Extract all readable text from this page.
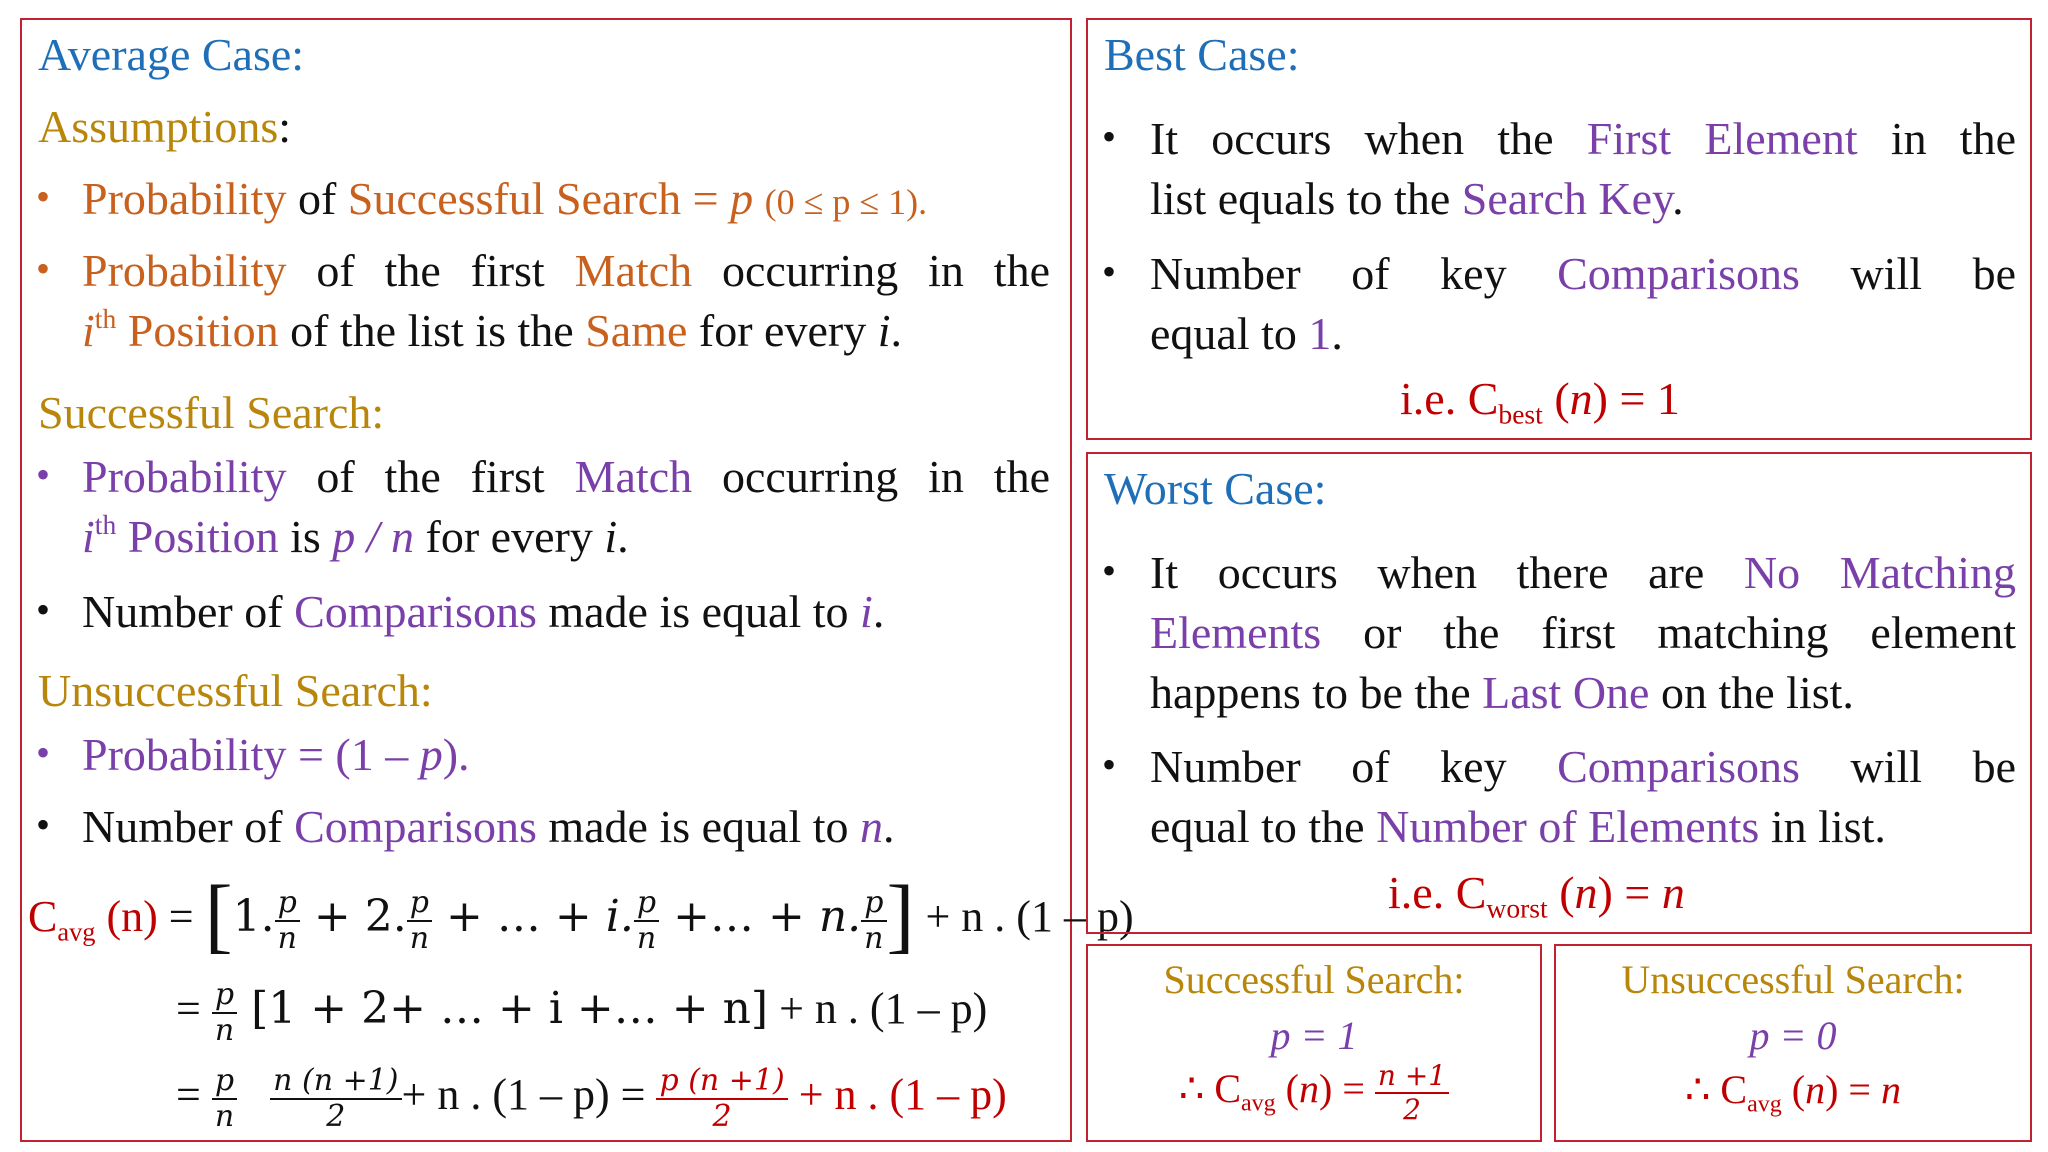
Average Case:
Assumptions:
• Probability of Successful Search = p (0 ≤ p ≤ 1).
• Probability of the first Match occurring in the
$i^{th}$ Position of the list is the Same for every i.
Successful Search:
• Probability of the first Match occurring in the
$i^{th}$ Position is p / n for every i.
• Number of Comparisons made is equal to i.
Unsuccessful Search:
• Probability = (1 – p).
• Number of Comparisons made is equal to n.
$C_{avg}$ (n) = [1. $\frac{p}{n} + 2$. $\frac{p}{n}$ + … + i. $\frac{p}{n}$ +… + n. $\frac{p}{n}$ ] + n . (1 – p)
= $\frac{p}{n} [1 + 2+$ … + i +… + n] + n . (1 – p)
= $\frac{p}{n}$
$\frac{n (n +1)}{2} + n$ . $(1 - p) = \frac{p (n +1)}{2} + n$ . (1 – p)
Best Case:
• It occurs when the First Element in the
list equals to the Search Key.
• Number of key Comparisons will be
equal to 1.
i.e. $C_{best}$ (n) = 1
Worst Case:
• It occurs when there are No Matching
Elements or the first matching element
happens to be the Last One on the list.
• Number of key Comparisons will be
equal to the Number of Elements in list.
i.e. $C_{worst}$ (n) = n
Successful Search:
p = 1
∴ $C_{avg}$ $(n) = \frac{n +1}{2}$
Unsuccessful Search:
p = 0
∴ $C_{avg}$ (n) = n
